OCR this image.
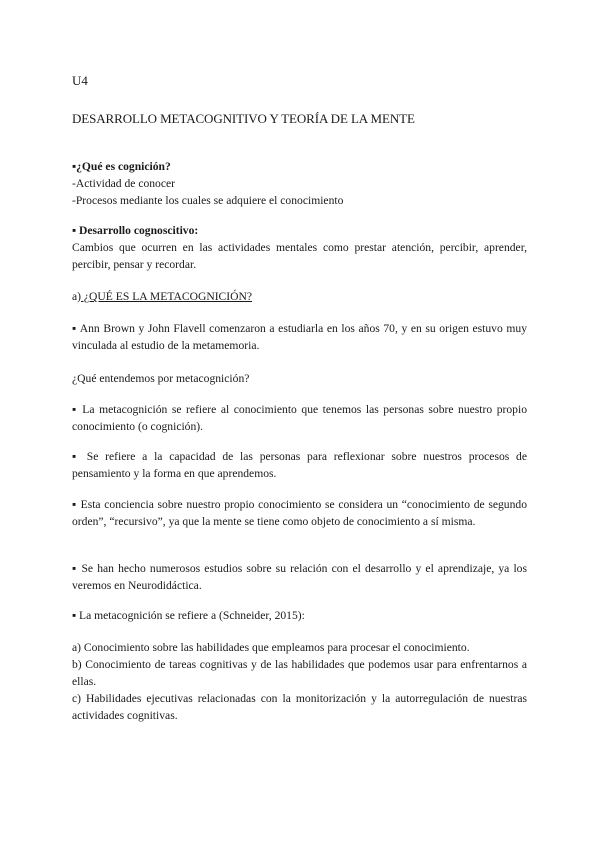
U4
DESARROLLO METACOGNITIVO Y TEORÍA DE LA MENTE

▪¿Qué es cognición?

-Actividad de conocer

-Procesos mediante los cuales se adquiere el conocimiento

▪ Desarrollo cognoscitivo:

Cambios que ocurren en las actividades mentales como prestar atención, percibir, aprender, percibir, pensar y recordar.

a) ¿QUÉ ES LA METACOGNICIÓN?

▪ Ann Brown y John Flavell comenzaron a estudiarla en los años 70, y en su origen estuvo muy vinculada al estudio de la metamemoria.

¿Qué entendemos por metacognición?

▪ La metacognición se refiere al conocimiento que tenemos las personas sobre nuestro propio conocimiento (o cognición).

▪ Se refiere a la capacidad de las personas para reflexionar sobre nuestros procesos de pensamiento y la forma en que aprendemos.

▪ Esta conciencia sobre nuestro propio conocimiento se considera un “conocimiento de segundo orden”, “recursivo”, ya que la mente se tiene como objeto de conocimiento a sí misma.

▪ Se han hecho numerosos estudios sobre su relación con el desarrollo y el aprendizaje, ya los veremos en Neurodidáctica.

▪ La metacognición se refiere a (Schneider, 2015):

a) Conocimiento sobre las habilidades que empleamos para procesar el conocimiento.

b) Conocimiento de tareas cognitivas y de las habilidades que podemos usar para enfrentarnos a ellas.

c) Habilidades ejecutivas relacionadas con la monitorización y la autorregulación de nuestras actividades cognitivas.
